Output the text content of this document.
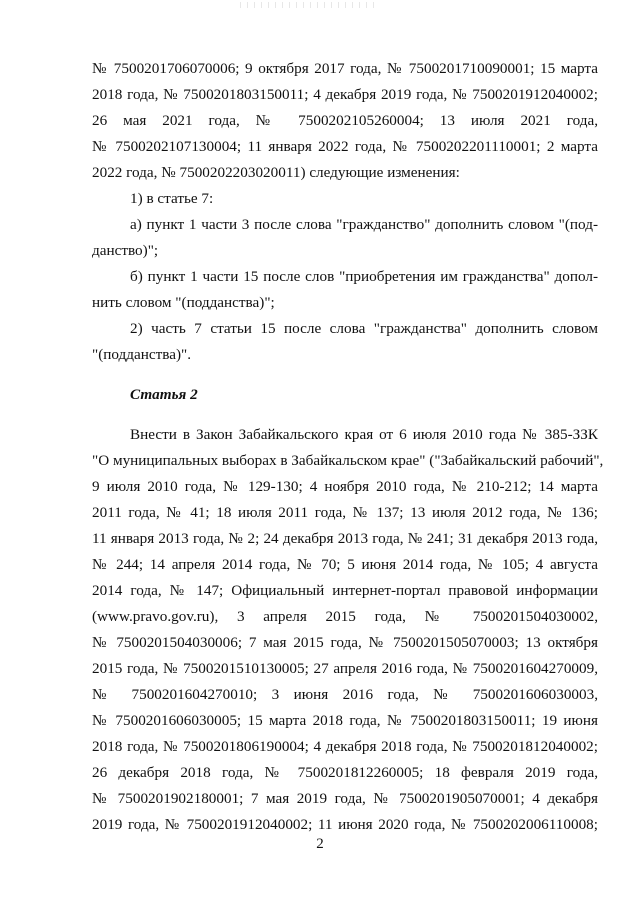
№ 7500201706070006; 9 октября 2017 года, № 7500201710090001; 15 марта
2018 года, № 7500201803150011; 4 декабря 2019 года, № 7500201912040002;
26 мая 2021 года, № 7500202105260004; 13 июля 2021 года,
№ 7500202107130004; 11 января 2022 года, № 7500202201110001; 2 марта
2022 года, № 7500202203020011) следующие изменения:
1) в статье 7:
а) пункт 1 части 3 после слова "гражданство" дополнить словом "(под-
данство)";
б) пункт 1 части 15 после слов "приобретения им гражданства" допол-
нить словом "(подданства)";
2) часть 7 статьи 15 после слова "гражданства" дополнить словом
"(подданства)".
Статья 2
Внести в Закон Забайкальского края от 6 июля 2010 года № 385-ЗЗК
"О муниципальных выборах в Забайкальском крае" ("Забайкальский рабочий",
9 июля 2010 года, № 129-130; 4 ноября 2010 года, № 210-212; 14 марта
2011 года, № 41; 18 июля 2011 года, № 137; 13 июля 2012 года, № 136;
11 января 2013 года, № 2; 24 декабря 2013 года, № 241; 31 декабря 2013 года,
№ 244; 14 апреля 2014 года, № 70; 5 июня 2014 года, № 105; 4 августа
2014 года, № 147; Официальный интернет-портал правовой информации
(www.pravo.gov.ru), 3 апреля 2015 года, № 7500201504030002,
№ 7500201504030006; 7 мая 2015 года, № 7500201505070003; 13 октября
2015 года, № 7500201510130005; 27 апреля 2016 года, № 7500201604270009,
№ 7500201604270010; 3 июня 2016 года, № 7500201606030003,
№ 7500201606030005; 15 марта 2018 года, № 7500201803150011; 19 июня
2018 года, № 7500201806190004; 4 декабря 2018 года, № 7500201812040002;
26 декабря 2018 года, № 7500201812260005; 18 февраля 2019 года,
№ 7500201902180001; 7 мая 2019 года, № 7500201905070001; 4 декабря
2019 года, № 7500201912040002; 11 июня 2020 года, № 7500202006110008;
2
